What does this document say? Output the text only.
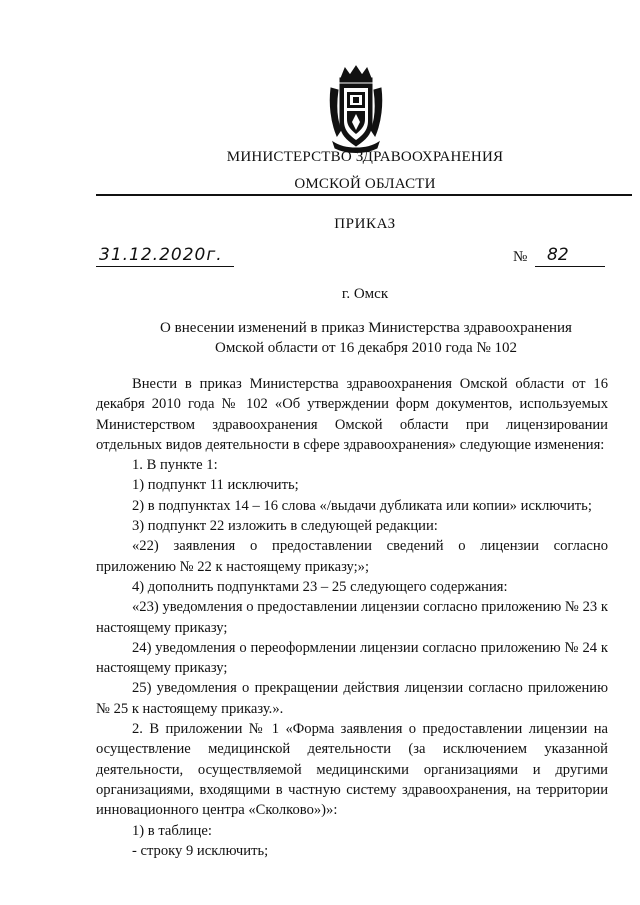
МИНИСТЕРСТВО ЗДРАВООХРАНЕНИЯ
ОМСКОЙ ОБЛАСТИ
ПРИКАЗ
31.12.2020г.	№	82
г. Омск
О внесении изменений в приказ Министерства здравоохранения
Омской области от 16 декабря 2010 года № 102

Внести в приказ Министерства здравоохранения Омской области от 16 декабря 2010 года № 102 «Об утверждении форм документов, используемых Министерством здравоохранения Омской области при лицензировании отдельных видов деятельности в сфере здравоохранения» следующие изменения:

1. В пункте 1:

1) подпункт 11 исключить;

2) в подпунктах 14 – 16 слова «/выдачи дубликата или копии» исключить;

3) подпункт 22 изложить в следующей редакции:

«22) заявления о предоставлении сведений о лицензии согласно приложению № 22 к настоящему приказу;»;

4) дополнить подпунктами 23 – 25 следующего содержания:

«23) уведомления о предоставлении лицензии согласно приложению № 23 к настоящему приказу;

24) уведомления о переоформлении лицензии согласно приложению № 24 к настоящему приказу;

25) уведомления о прекращении действия лицензии согласно приложению № 25 к настоящему приказу.».

2. В приложении № 1 «Форма заявления о предоставлении лицензии на осуществление медицинской деятельности (за исключением указанной деятельности, осуществляемой медицинскими организациями и другими организациями, входящими в частную систему здравоохранения, на территории инновационного центра «Сколково»)»:

1) в таблице:

- строку 9 исключить;
